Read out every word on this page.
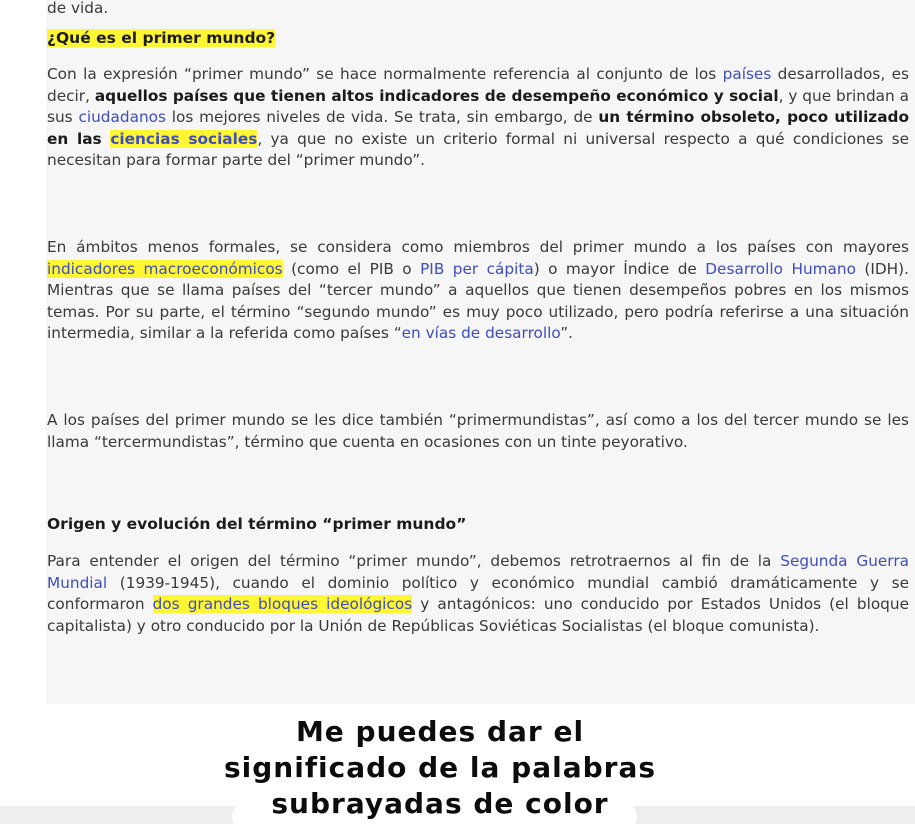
de vida.
¿Qué es el primer mundo?
Con la expresión “primer mundo” se hace normalmente referencia al conjunto de los países desarrollados, es decir, aquellos países que tienen altos indicadores de desempeño económico y social, y que brindan a sus ciudadanos los mejores niveles de vida. Se trata, sin embargo, de un término obsoleto, poco utilizado en las ciencias sociales, ya que no existe un criterio formal ni universal respecto a qué condiciones se necesitan para formar parte del “primer mundo”.
En ámbitos menos formales, se considera como miembros del primer mundo a los países con mayores indicadores macroeconómicos (como el PIB o PIB per cápita) o mayor Índice de Desarrollo Humano (IDH). Mientras que se llama países del “tercer mundo” a aquellos que tienen desempeños pobres en los mismos temas. Por su parte, el término “segundo mundo” es muy poco utilizado, pero podría referirse a una situación intermedia, similar a la referida como países “en vías de desarrollo”.
A los países del primer mundo se les dice también “primermundistas”, así como a los del tercer mundo se les llama “tercermundistas”, término que cuenta en ocasiones con un tinte peyorativo.
Origen y evolución del término “primer mundo”
Para entender el origen del término “primer mundo”, debemos retrotraernos al fin de la Segunda Guerra Mundial (1939-1945), cuando el dominio político y económico mundial cambió dramáticamente y se conformaron dos grandes bloques ideológicos y antagónicos: uno conducido por Estados Unidos (el bloque capitalista) y otro conducido por la Unión de Repúblicas Soviéticas Socialistas (el bloque comunista).
Me puedes dar el
significado de la palabras
subrayadas de color
